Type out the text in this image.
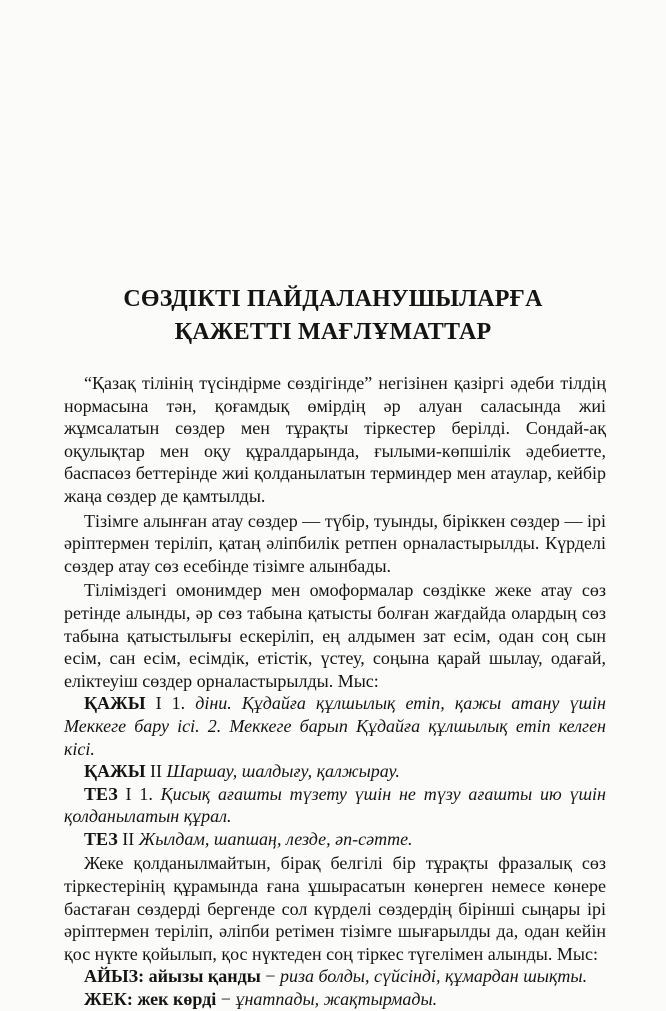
СӨЗДІКТІ ПАЙДАЛАНУШЫЛАРҒА
ҚАЖЕТТІ МАҒЛҰМАТТАР

“Қазақ тілінің түсіндірме сөздігінде” негізінен қазіргі әдеби тілдің нормасына тән, қоғамдық өмірдің әр алуан саласында жиі жұмсалатын сөздер мен тұрақты тіркестер берілді. Сондай-ақ оқулықтар мен оқу құралдарында, ғылыми-көпшілік әдебиетте, баспасөз беттерінде жиі қолданылатын терминдер мен атаулар, кейбір жаңа сөздер де қамтылды.

Тізімге алынған атау сөздер — түбір, туынды, біріккен сөздер — ірі әріптермен теріліп, қатаң әліпбилік ретпен орналастырылды. Күрделі сөздер атау сөз есебінде тізімге алынбады.

Тіліміздегі омонимдер мен омоформалар сөздікке жеке атау сөз ретінде алынды, әр сөз табына қатысты болған жағдайда олардың сөз табына қатыстылығы ескеріліп, ең алдымен зат есім, одан соң сын есім, сан есім, есімдік, етістік, үстеу, соңына қарай шылау, одағай, еліктеуіш сөздер орналастырылды. Мыс:

ҚАЖЫ I 1. діни. Құдайға құлшылық етіп, қажы атану үшін Меккеге бару ісі. 2. Меккеге барып Құдайға құлшылық етіп келген кісі.

ҚАЖЫ II Шаршау, шалдығу, қалжырау.

ТЕЗ I 1. Қисық ағашты түзету үшін не түзу ағашты ию үшін қолданылатын құрал.

ТЕЗ II Жылдам, шапшаң, лезде, әп-сәтте.

Жеке қолданылмайтын, бірақ белгілі бір тұрақты фразалық сөз тіркестерінің құрамында ғана ұшырасатын көнерген немесе көнере бастаған сөздерді бергенде сол күрделі сөздердің бірінші сыңары ірі әріптермен теріліп, әліпби ретімен тізімге шығарылды да, одан кейін қос нүкте қойылып, қос нүктеден соң тіркес түгелімен алынды. Мыс:

АЙЫЗ: айызы қанды − риза болды, сүйсінді, құмардан шықты.

ЖЕК: жек көрді − ұнатпады, жақтырмады.
